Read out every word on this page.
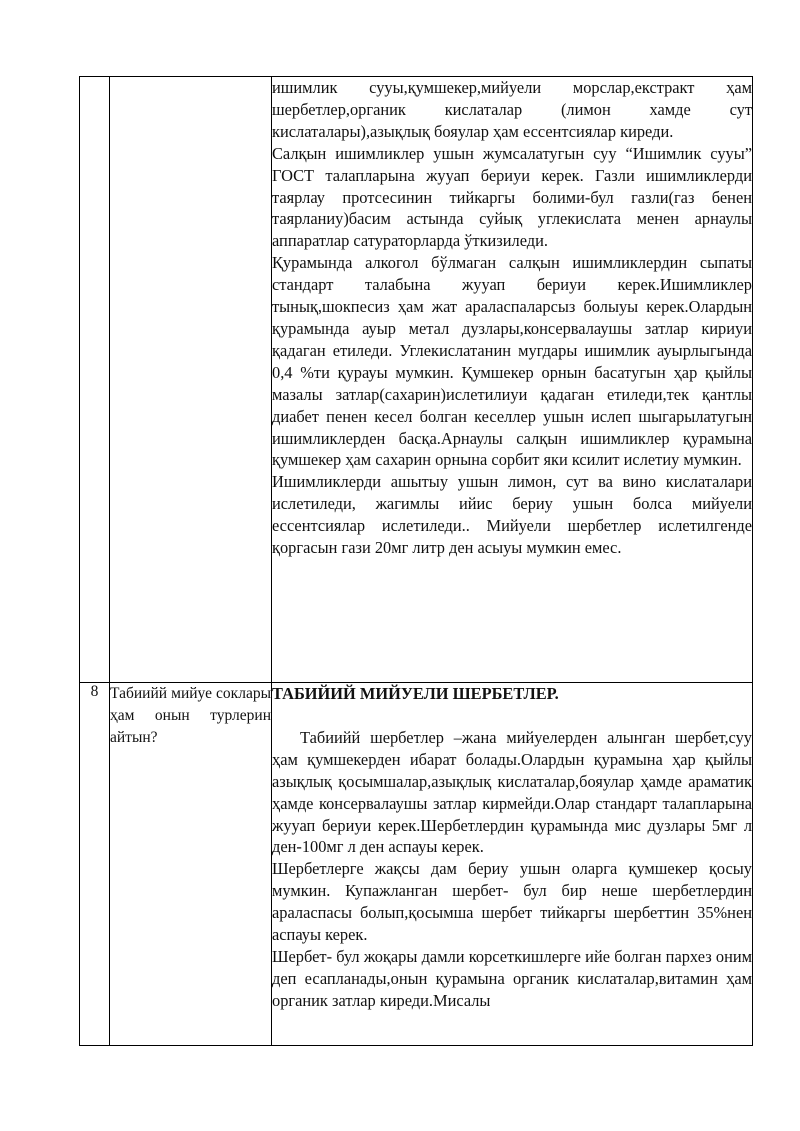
		ишимлик сууы,қумшекер,мийуели морслар,екстракт ҳам шербетлер,органик кислаталар (лимон хамде сут кислаталары),азықлық бояулар ҳам ессентсиялар киреди.

Салқын ишимликлер ушын жумсалатугын суу “Ишимлик сууы” ГОСТ талапларына жууап бериуи керек. Газли ишимликлерди таярлау протсесинин тийкаргы болими-бул газли(газ бенен таярланиу)басим астында суйық углекислата менен арнаулы аппаратлар сатураторларда ўткизиледи.

Қурамында алкогол бўлмаган салқын ишимликлердин сыпаты стандарт талабына жууап бериуи керек.Ишимликлер тынық,шокпесиз ҳам жат араласпаларсыз болыуы керек.Олардын қурамында ауыр метал дузлары,консервалаушы затлар кириуи қадаган етиледи. Углекислатанин мугдары ишимлик ауырлыгында 0,4 %ти қурауы мумкин. Қумшекер орнын басатугын ҳар қыйлы мазалы затлар(сахарин)ислетилиуи қадаган етиледи,тек қантлы диабет пенен кесел болган кеселлер ушын ислеп шыгарылатугын ишимликлерден басқа.Арнаулы салқын ишимликлер қурамына қумшекер ҳам сахарин орнына сорбит яки ксилит ислетиу мумкин.

Ишимликлерди ашытыу ушын лимон, сут ва вино кислаталари ислетиледи, жагимлы ийис бериу ушын болса мийуели ессентсиялар ислетиледи.. Мийуели шербетлер ислетилгенде қоргасын гази 20мг литр ден асыуы мумкин емес.

8	Табиийй мийуе соклары ҳам онын турлерин айтын?	ТАБИЙИЙ МИЙУЕЛИ ШЕРБЕТЛЕР.

Табиийй шербетлер –жана мийуелерден алынган шербет,суу ҳам қумшекерден ибарат болады.Олардын қурамына ҳар қыйлы азықлық қосымшалар,азықлық кислаталар,бояулар ҳамде араматик ҳамде консервалаушы затлар кирмейди.Олар стандарт талапларына жууап бериуи керек.Шербетлердин қурамында мис дузлары 5мг л ден-100мг л ден аспауы керек.

Шербетлерге жақсы дам бериу ушын оларга қумшекер қосыу мумкин. Купажланган шербет- бул бир неше шербетлердин араласпасы болып,қосымша шербет тийкаргы шербеттин 35%нен аспауы керек.

Шербет- бул жоқары дамли корсеткишлерге ийе болган пархез оним деп есапланады,онын қурамына органик кислаталар,витамин ҳам органик затлар киреди.Мисалы
